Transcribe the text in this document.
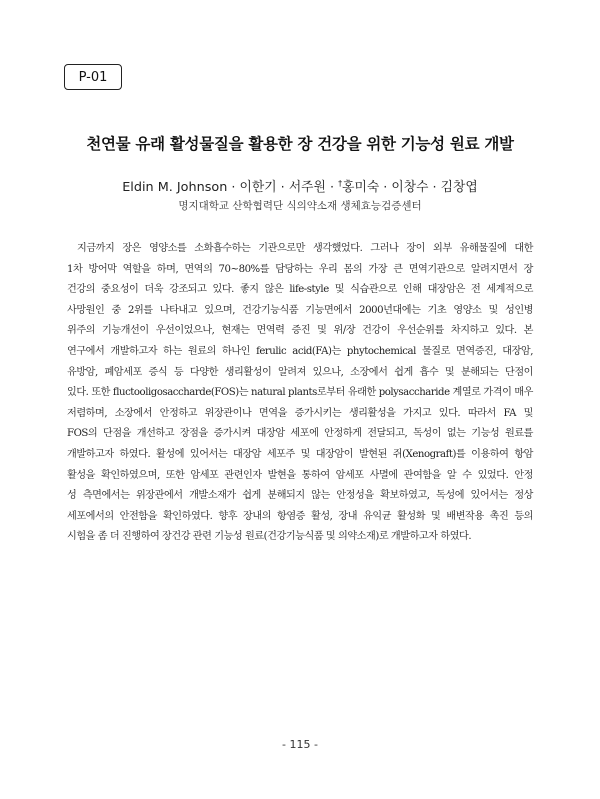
P-01
천연물 유래 활성물질을 활용한 장 건강을 위한 기능성 원료 개발
Eldin M. Johnson · 이한기 · 서주원 · †홍미숙 · 이창수 · 김창엽
명지대학교 산학협력단 식의약소재 생체효능검증센터
지금까지 장은 영양소를 소화흡수하는 기관으로만 생각했었다. 그러나 장이 외부 유해물질에 대한
1차 방어막 역할을 하며, 면역의 70~80%를 담당하는 우리 몸의 가장 큰 면역기관으로 알려지면서 장
건강의 중요성이 더욱 강조되고 있다. 좋지 않은 life-style 및 식습관으로 인해 대장암은 전 세계적으로
사망원인 중 2위를 나타내고 있으며, 건강기능식품 기능면에서 2000년대에는 기초 영양소 및 성인병
위주의 기능개선이 우선이었으나, 현재는 면역력 증진 및 위/장 건강이 우선순위를 차지하고 있다. 본
연구에서 개발하고자 하는 원료의 하나인 ferulic acid(FA)는 phytochemical 물질로 면역증진, 대장암,
유방암, 폐암세포 증식 등 다양한 생리활성이 알려져 있으나, 소장에서 쉽게 흡수 및 분해되는 단점이
있다. 또한 fluctooligosaccharde(FOS)는 natural plants로부터 유래한 polysaccharide 계열로 가격이 매우
저렴하며, 소장에서 안정하고 위장관이나 면역을 증가시키는 생리활성을 가지고 있다. 따라서 FA 및
FOS의 단점을 개선하고 장점을 증가시켜 대장암 세포에 안정하게 전달되고, 독성이 없는 기능성 원료를
개발하고자 하였다. 활성에 있어서는 대장암 세포주 및 대장암이 발현된 쥐(Xenograft)를 이용하여 항암
활성을 확인하였으며, 또한 암세포 관련인자 발현을 통하여 암세포 사멸에 관여함을 알 수 있었다. 안정
성 측면에서는 위장관에서 개발소재가 쉽게 분해되지 않는 안정성을 확보하였고, 독성에 있어서는 정상
세포에서의 안전함을 확인하였다. 향후 장내의 항염증 활성, 장내 유익균 활성화 및 배변작용 촉진 등의
시험을 좀 더 진행하여 장건강 관련 기능성 원료(건강기능식품 및 의약소재)로 개발하고자 하였다.
- 115 -
